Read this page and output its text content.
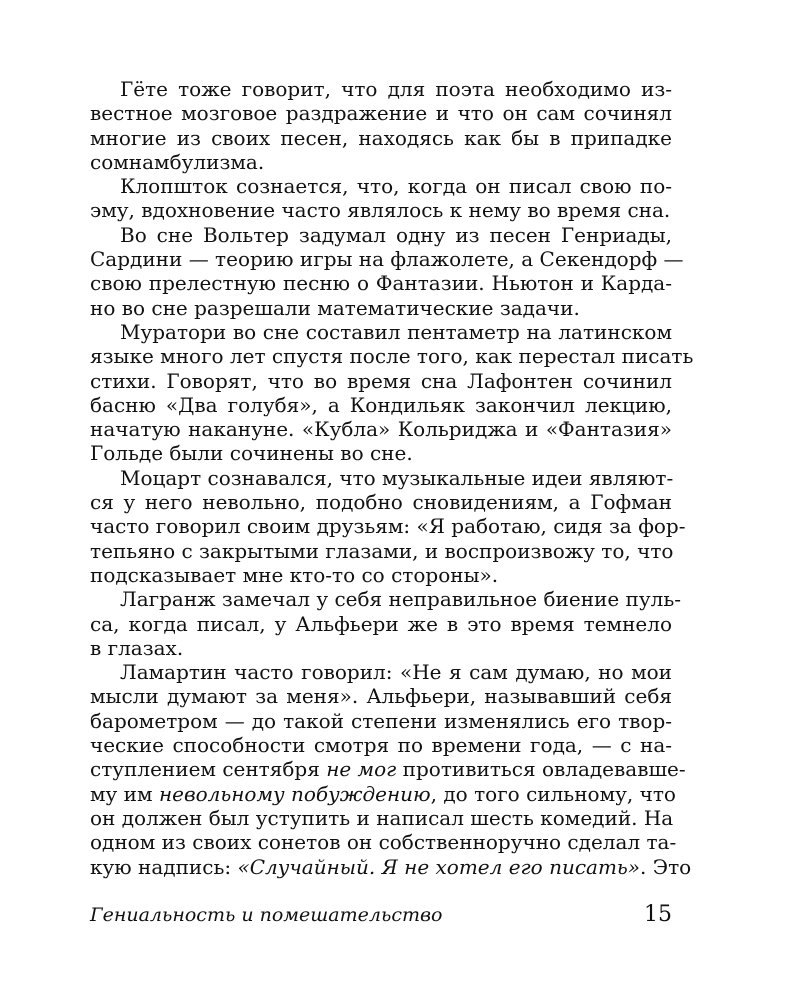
Гёте тоже говорит, что для поэта необходимо из-
вестное мозговое раздражение и что он сам сочинял
многие из своих песен, находясь как бы в припадке
сомнамбулизма.
Клопшток сознается, что, когда он писал свою по-
эму, вдохновение часто являлось к нему во время сна.
Во сне Вольтер задумал одну из песен Генриады,
Сардини — теорию игры на флажолете, а Секендорф —
свою прелестную песню о Фантазии. Ньютон и Карда-
но во сне разрешали математические задачи.
Муратори во сне составил пентаметр на латинском
языке много лет спустя после того, как перестал писать
стихи. Говорят, что во время сна Лафонтен сочинил
басню «Два голубя», а Кондильяк закончил лекцию,
начатую накануне. «Кубла» Кольриджа и «Фантазия»
Гольде были сочинены во сне.
Моцарт сознавался, что музыкальные идеи являют-
ся у него невольно, подобно сновидениям, а Гофман
часто говорил своим друзьям: «Я работаю, сидя за фор-
тепьяно с закрытыми глазами, и воспроизвожу то, что
подсказывает мне кто-то со стороны».
Лагранж замечал у себя неправильное биение пуль-
са, когда писал, у Альфьери же в это время темнело
в глазах.
Ламартин часто говорил: «Не я сам думаю, но мои
мысли думают за меня». Альфьери, называвший себя
барометром — до такой степени изменялись его твор-
ческие способности смотря по времени года, — с на-
ступлением сентября не мог противиться овладевавше-
му им невольному побуждению, до того сильному, что
он должен был уступить и написал шесть комедий. На
одном из своих сонетов он собственноручно сделал та-
кую надпись: «Случайный. Я не хотел его писать». Это
Гениальность и помешательство	15
